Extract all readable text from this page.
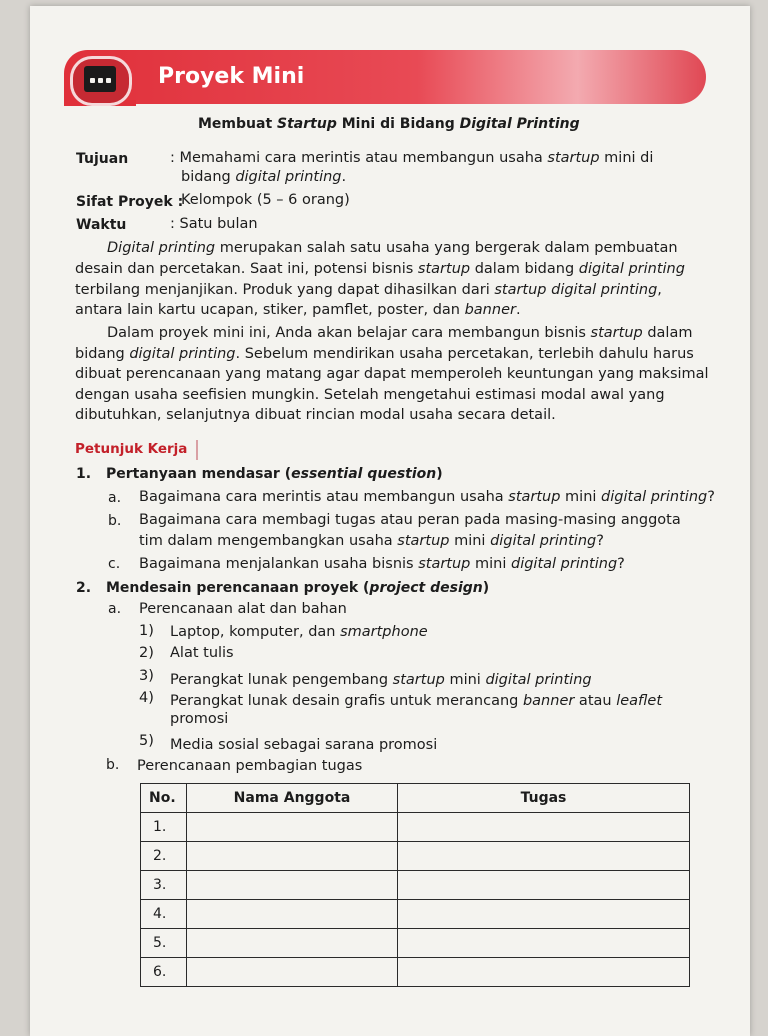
Proyek Mini
Membuat Startup Mini di Bidang Digital Printing
Tujuan	: Memahami cara merintis atau membangun usaha startup mini di
bidang digital printing.
Sifat Proyek :
Kelompok (5 – 6 orang)
Waktu	: Satu bulan
Digital printing merupakan salah satu usaha yang bergerak dalam pembuatan
desain dan percetakan. Saat ini, potensi bisnis startup dalam bidang digital printing
terbilang menjanjikan. Produk yang dapat dihasilkan dari startup digital printing,
antara lain kartu ucapan, stiker, pamflet, poster, dan banner.
Dalam proyek mini ini, Anda akan belajar cara membangun bisnis startup dalam
bidang digital printing. Sebelum mendirikan usaha percetakan, terlebih dahulu harus
dibuat perencanaan yang matang agar dapat memperoleh keuntungan yang maksimal
dengan usaha seefisien mungkin. Setelah mengetahui estimasi modal awal yang
dibutuhkan, selanjutnya dibuat rincian modal usaha secara detail.
Petunjuk Kerja
1. Pertanyaan mendasar (essential question)
a. Bagaimana cara merintis atau membangun usaha startup mini digital printing?
b. Bagaimana cara membagi tugas atau peran pada masing-masing anggota
tim dalam mengembangkan usaha startup mini digital printing?
c. Bagaimana menjalankan usaha bisnis startup mini digital printing?
2. Mendesain perencanaan proyek (project design)
a. Perencanaan alat dan bahan
1) Laptop, komputer, dan smartphone
2) Alat tulis
3) Perangkat lunak pengembang startup mini digital printing
4) Perangkat lunak desain grafis untuk merancang banner atau leaflet
promosi
5) Media sosial sebagai sarana promosi
b. Perencanaan pembagian tugas
No.	Nama Anggota	Tugas
1.		
2.		
3.		
4.		
5.		
6.		
